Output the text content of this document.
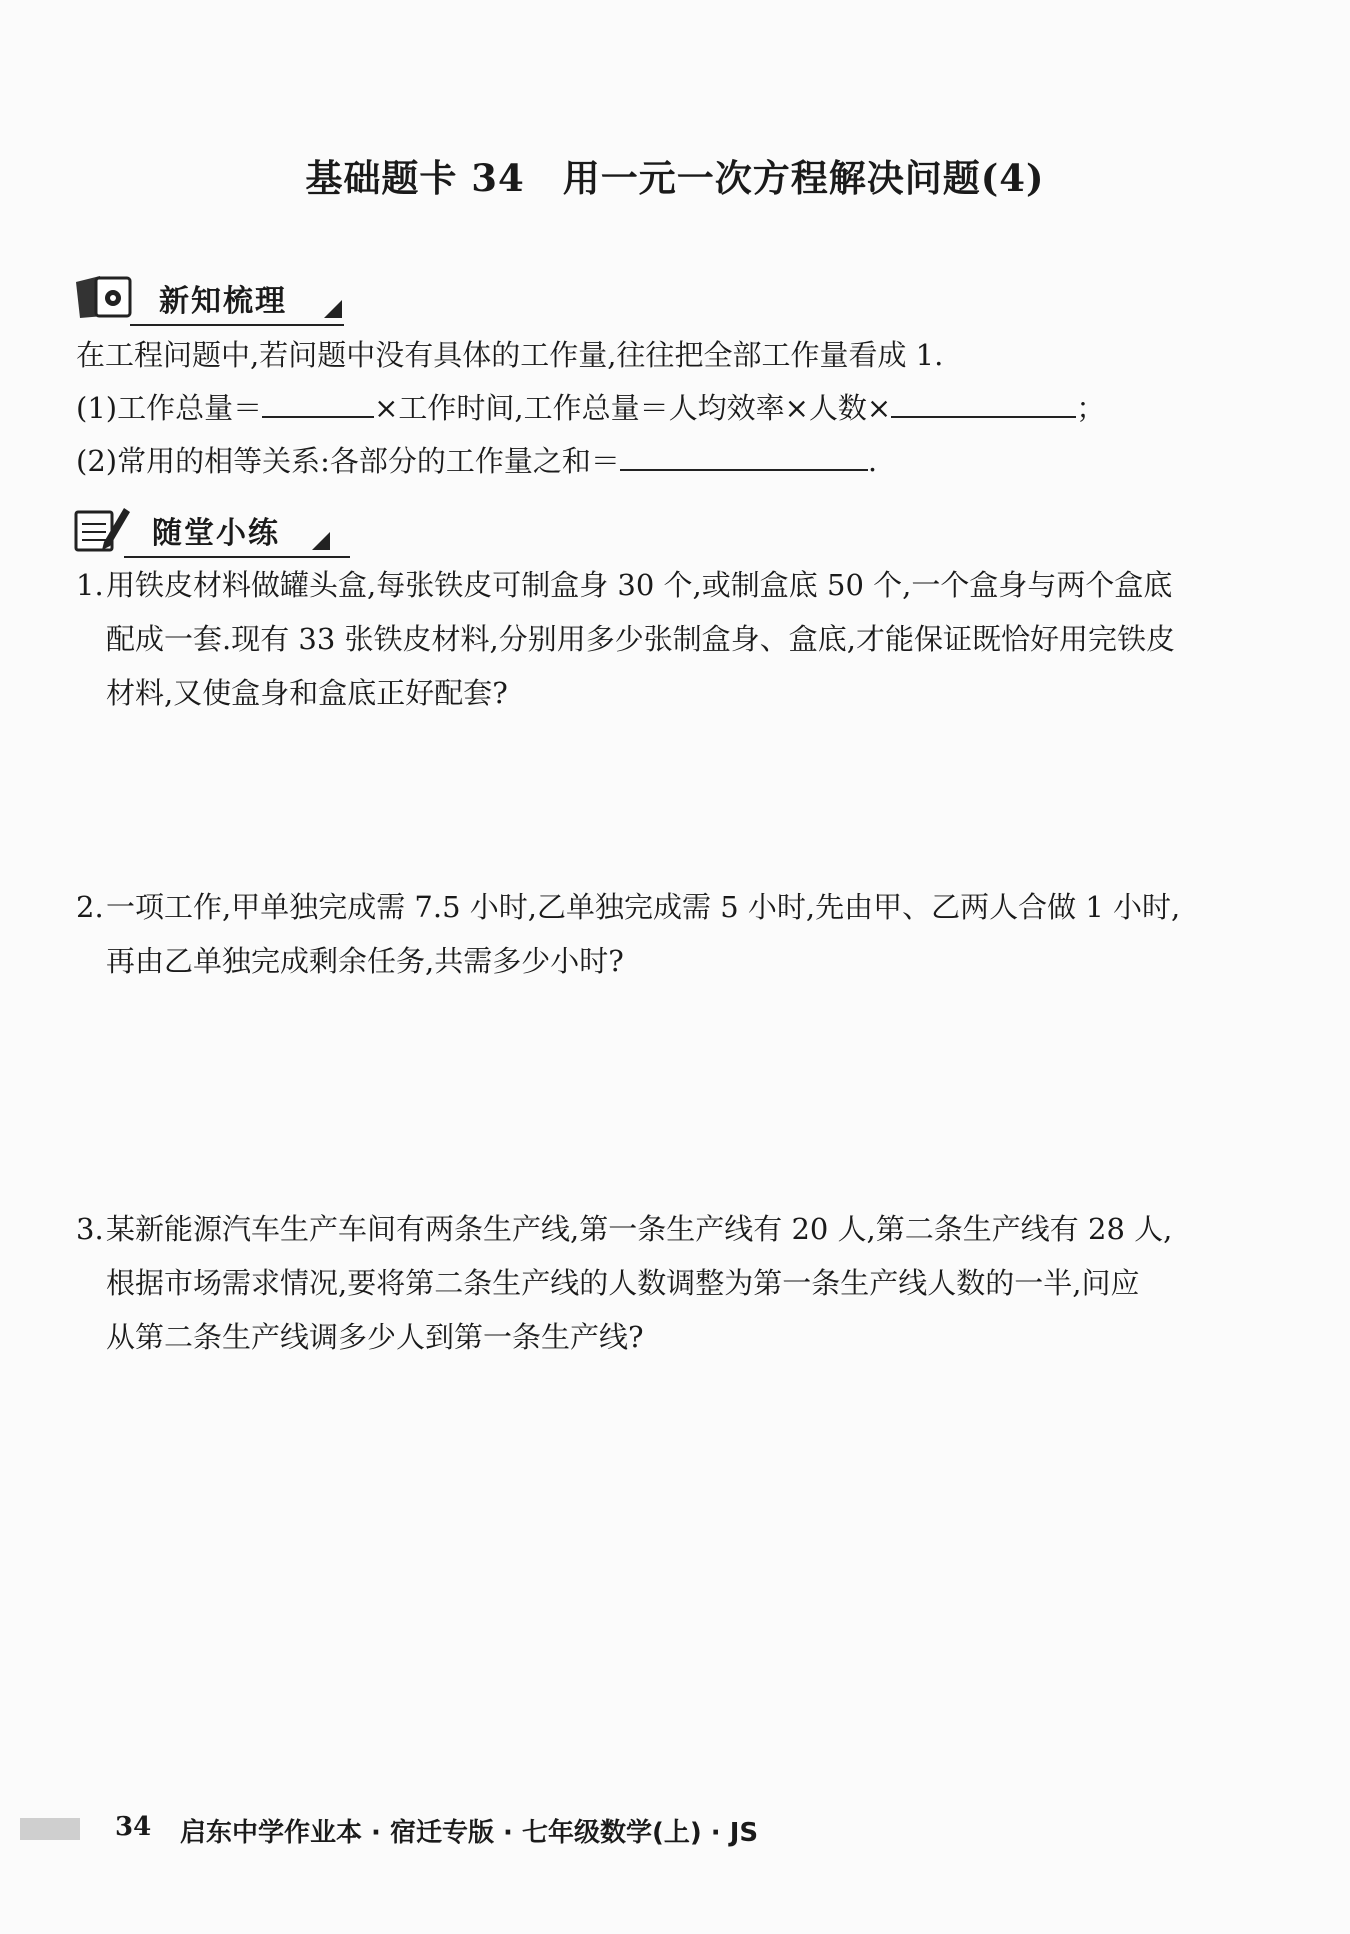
基础题卡 34　用一元一次方程解决问题(4)
新知梳理
在工程问题中,若问题中没有具体的工作量,往往把全部工作量看成 1.
(1)工作总量＝	×工作时间,工作总量＝人均效率×人数×	；
(2)常用的相等关系:各部分的工作量之和＝	.
随堂小练
1. 用铁皮材料做罐头盒,每张铁皮可制盒身 30 个,或制盒底 50 个,一个盒身与两个盒底
配成一套.现有 33 张铁皮材料,分别用多少张制盒身、盒底,才能保证既恰好用完铁皮
材料,又使盒身和盒底正好配套?
2. 一项工作,甲单独完成需 7.5 小时,乙单独完成需 5 小时,先由甲、乙两人合做 1 小时,
再由乙单独完成剩余任务,共需多少小时?
3. 某新能源汽车生产车间有两条生产线,第一条生产线有 20 人,第二条生产线有 28 人,
根据市场需求情况,要将第二条生产线的人数调整为第一条生产线人数的一半,问应
从第二条生产线调多少人到第一条生产线?
34 启东中学作业本 · 宿迁专版 · 七年级数学(上) · JS
